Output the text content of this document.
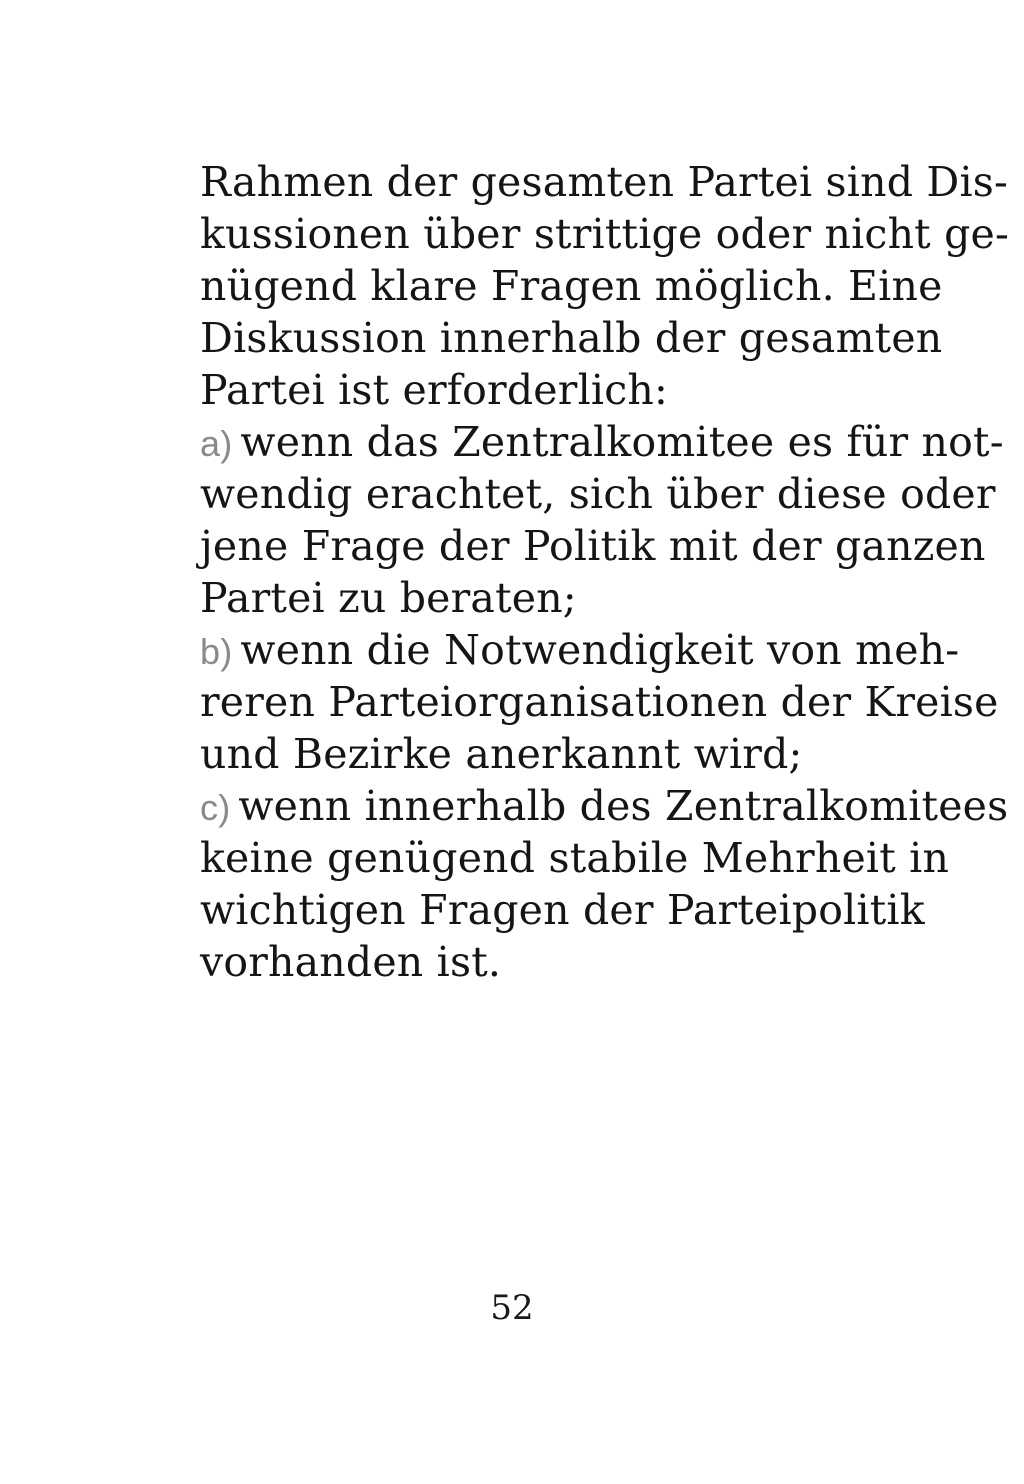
Rahmen der gesamten Partei sind Dis-
kussionen über strittige oder nicht ge-
nügend klare Fragen möglich. Eine
Diskussion innerhalb der gesamten
Partei ist erforderlich:
a) wenn das Zentralkomitee es für not-
wendig erachtet, sich über diese oder
jene Frage der Politik mit der ganzen
Partei zu beraten;
b) wenn die Notwendigkeit von meh-
reren Parteiorganisationen der Kreise
und Bezirke anerkannt wird;
c) wenn innerhalb des Zentralkomitees
keine genügend stabile Mehrheit in
wichtigen Fragen der Parteipolitik
vorhanden ist.
52
